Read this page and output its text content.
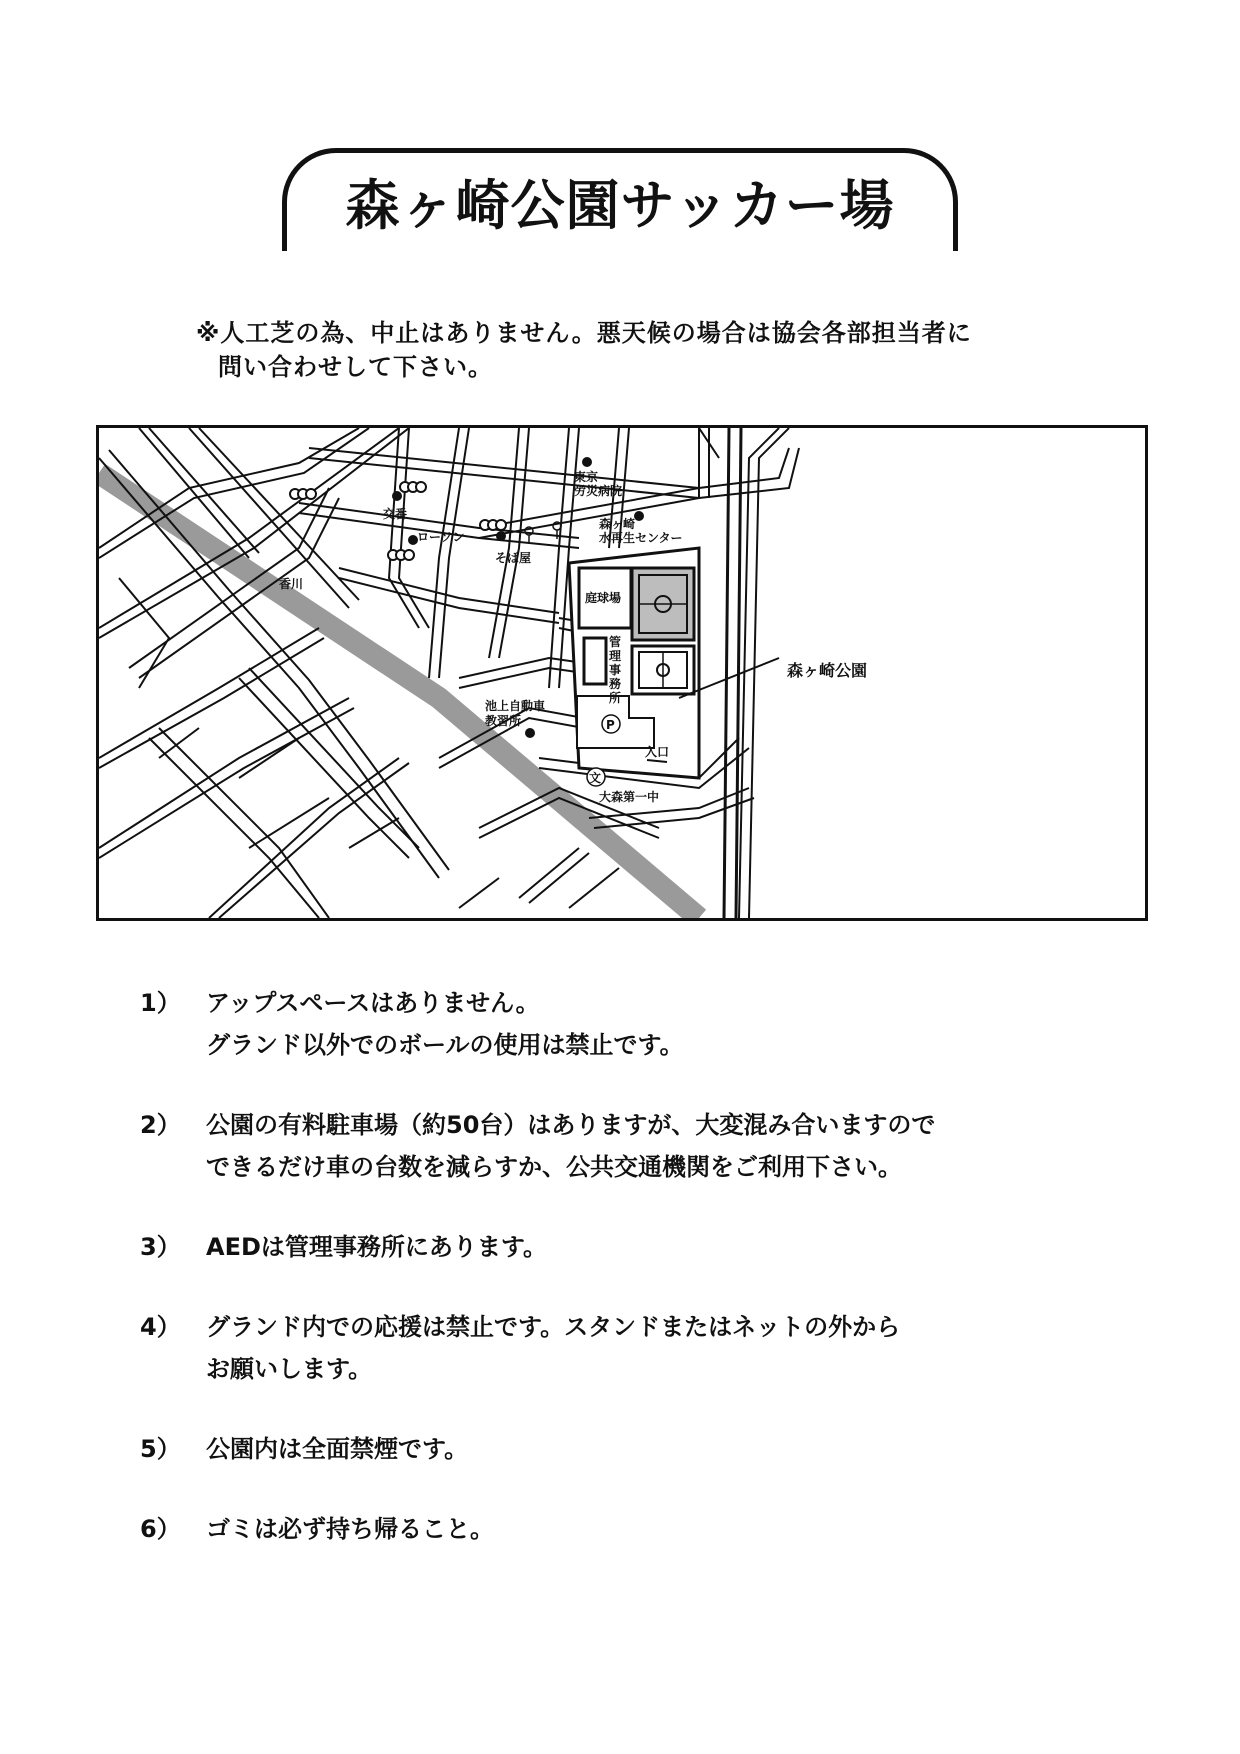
森ヶ崎公園サッカー場
※人工芝の為、中止はありません。悪天候の場合は協会各部担当者に
問い合わせして下さい。
東京
労災病院
交番
ローソン
そば屋
森ヶ崎
水再生センター
香川
庭球場
管
理
事
務
所
池上自動車
教習所
森ヶ崎公園
P
入口
文
大森第一中
1）	アップスペースはありません。
グランド以外でのボールの使用は禁止です。
2）	公園の有料駐車場（約50台）はありますが、大変混み合いますので
できるだけ車の台数を減らすか、公共交通機関をご利用下さい。
3）	AEDは管理事務所にあります。
4）	グランド内での応援は禁止です。スタンドまたはネットの外から
お願いします。
5）	公園内は全面禁煙です。
6）	ゴミは必ず持ち帰ること。
